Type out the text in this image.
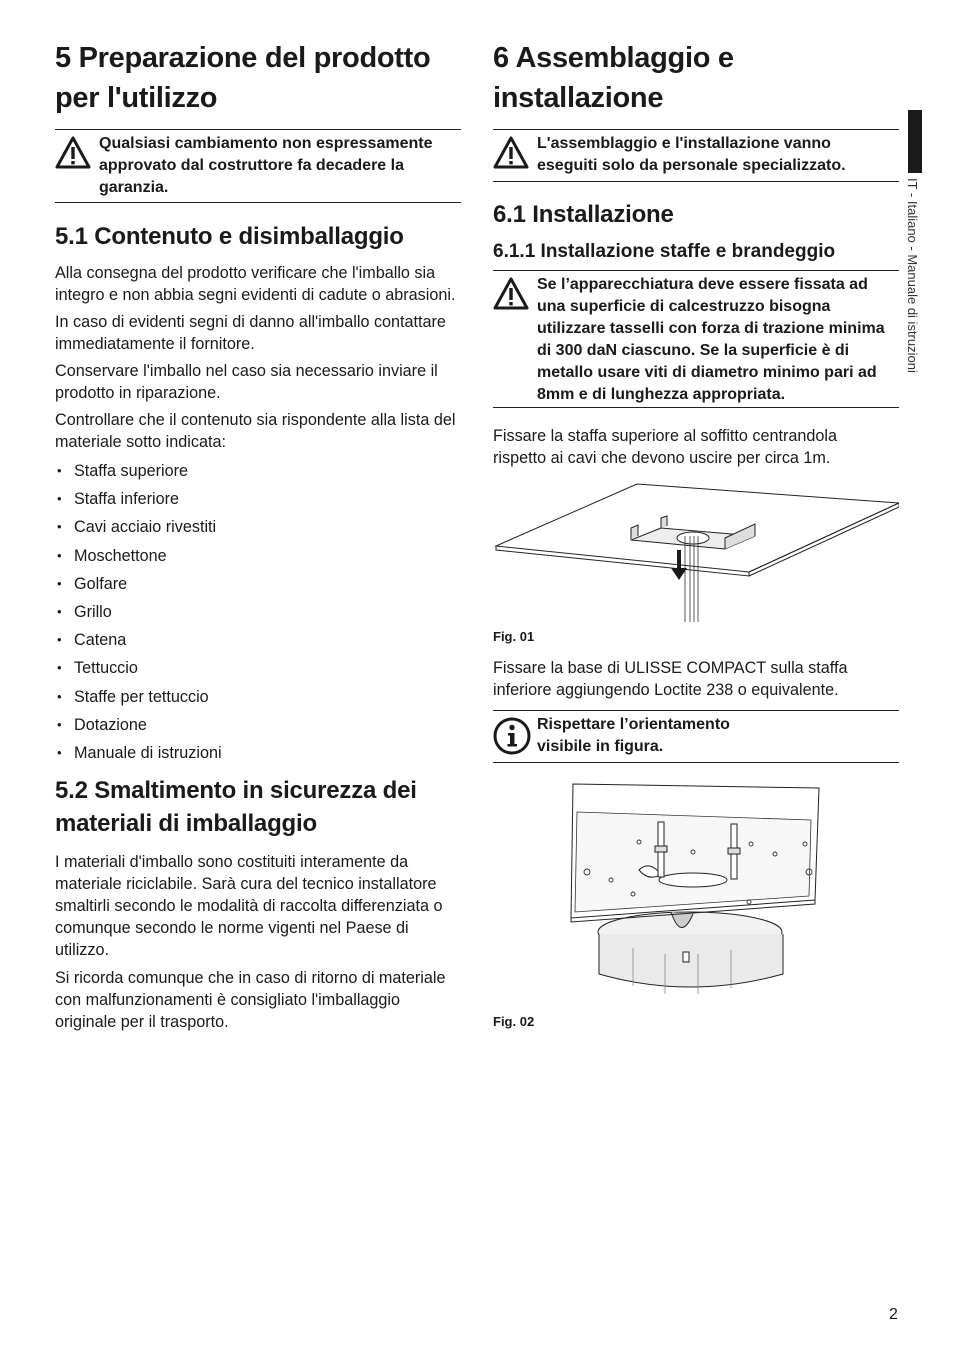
IT - Italiano - Manuale di istruzioni
5 Preparazione del prodotto per l'utilizzo
Qualsiasi cambiamento non espressamente approvato dal costruttore fa decadere la garanzia.
5.1 Contenuto e disimballaggio

Alla consegna del prodotto verificare che l'imballo sia integro e non abbia segni evidenti di cadute o abrasioni.

In caso di evidenti segni di danno all'imballo contattare immediatamente il fornitore.

Conservare l'imballo nel caso sia necessario inviare il prodotto in riparazione.

Controllare che il contenuto sia rispondente alla lista del materiale sotto indicata:

• Staffa superiore
• Staffa inferiore
• Cavi acciaio rivestiti
• Moschettone
• Golfare
• Grillo
• Catena
• Tettuccio
• Staffe per tettuccio
• Dotazione
• Manuale di istruzioni
5.2 Smaltimento in sicurezza dei materiali di imballaggio

I materiali d'imballo sono costituiti interamente da materiale riciclabile. Sarà cura del tecnico installatore smaltirli secondo le modalità di raccolta differenziata o comunque secondo le norme vigenti nel Paese di utilizzo.

Si ricorda comunque che in caso di ritorno di materiale con malfunzionamenti è consigliato l'imballaggio originale per il trasporto.

6 Assemblaggio e installazione
L'assemblaggio e l'installazione vanno eseguiti solo da personale specializzato.
6.1 Installazione
6.1.1 Installazione staffe e brandeggio
Se l’apparecchiatura deve essere fissata ad una superficie di calcestruzzo bisogna utilizzare tasselli con forza di trazione minima di 300 daN ciascuno. Se la superficie è di metallo usare viti di diametro minimo pari ad 8mm e di lunghezza appropriata.

Fissare la staffa superiore al soffitto centrandola rispetto ai cavi che devono uscire per circa 1m.

Fig. 01

Fissare la base di ULISSE COMPACT sulla staffa inferiore aggiungendo Loctite 238 o equivalente.

Rispettare l’orientamento visibile in figura.
Fig. 02
2
